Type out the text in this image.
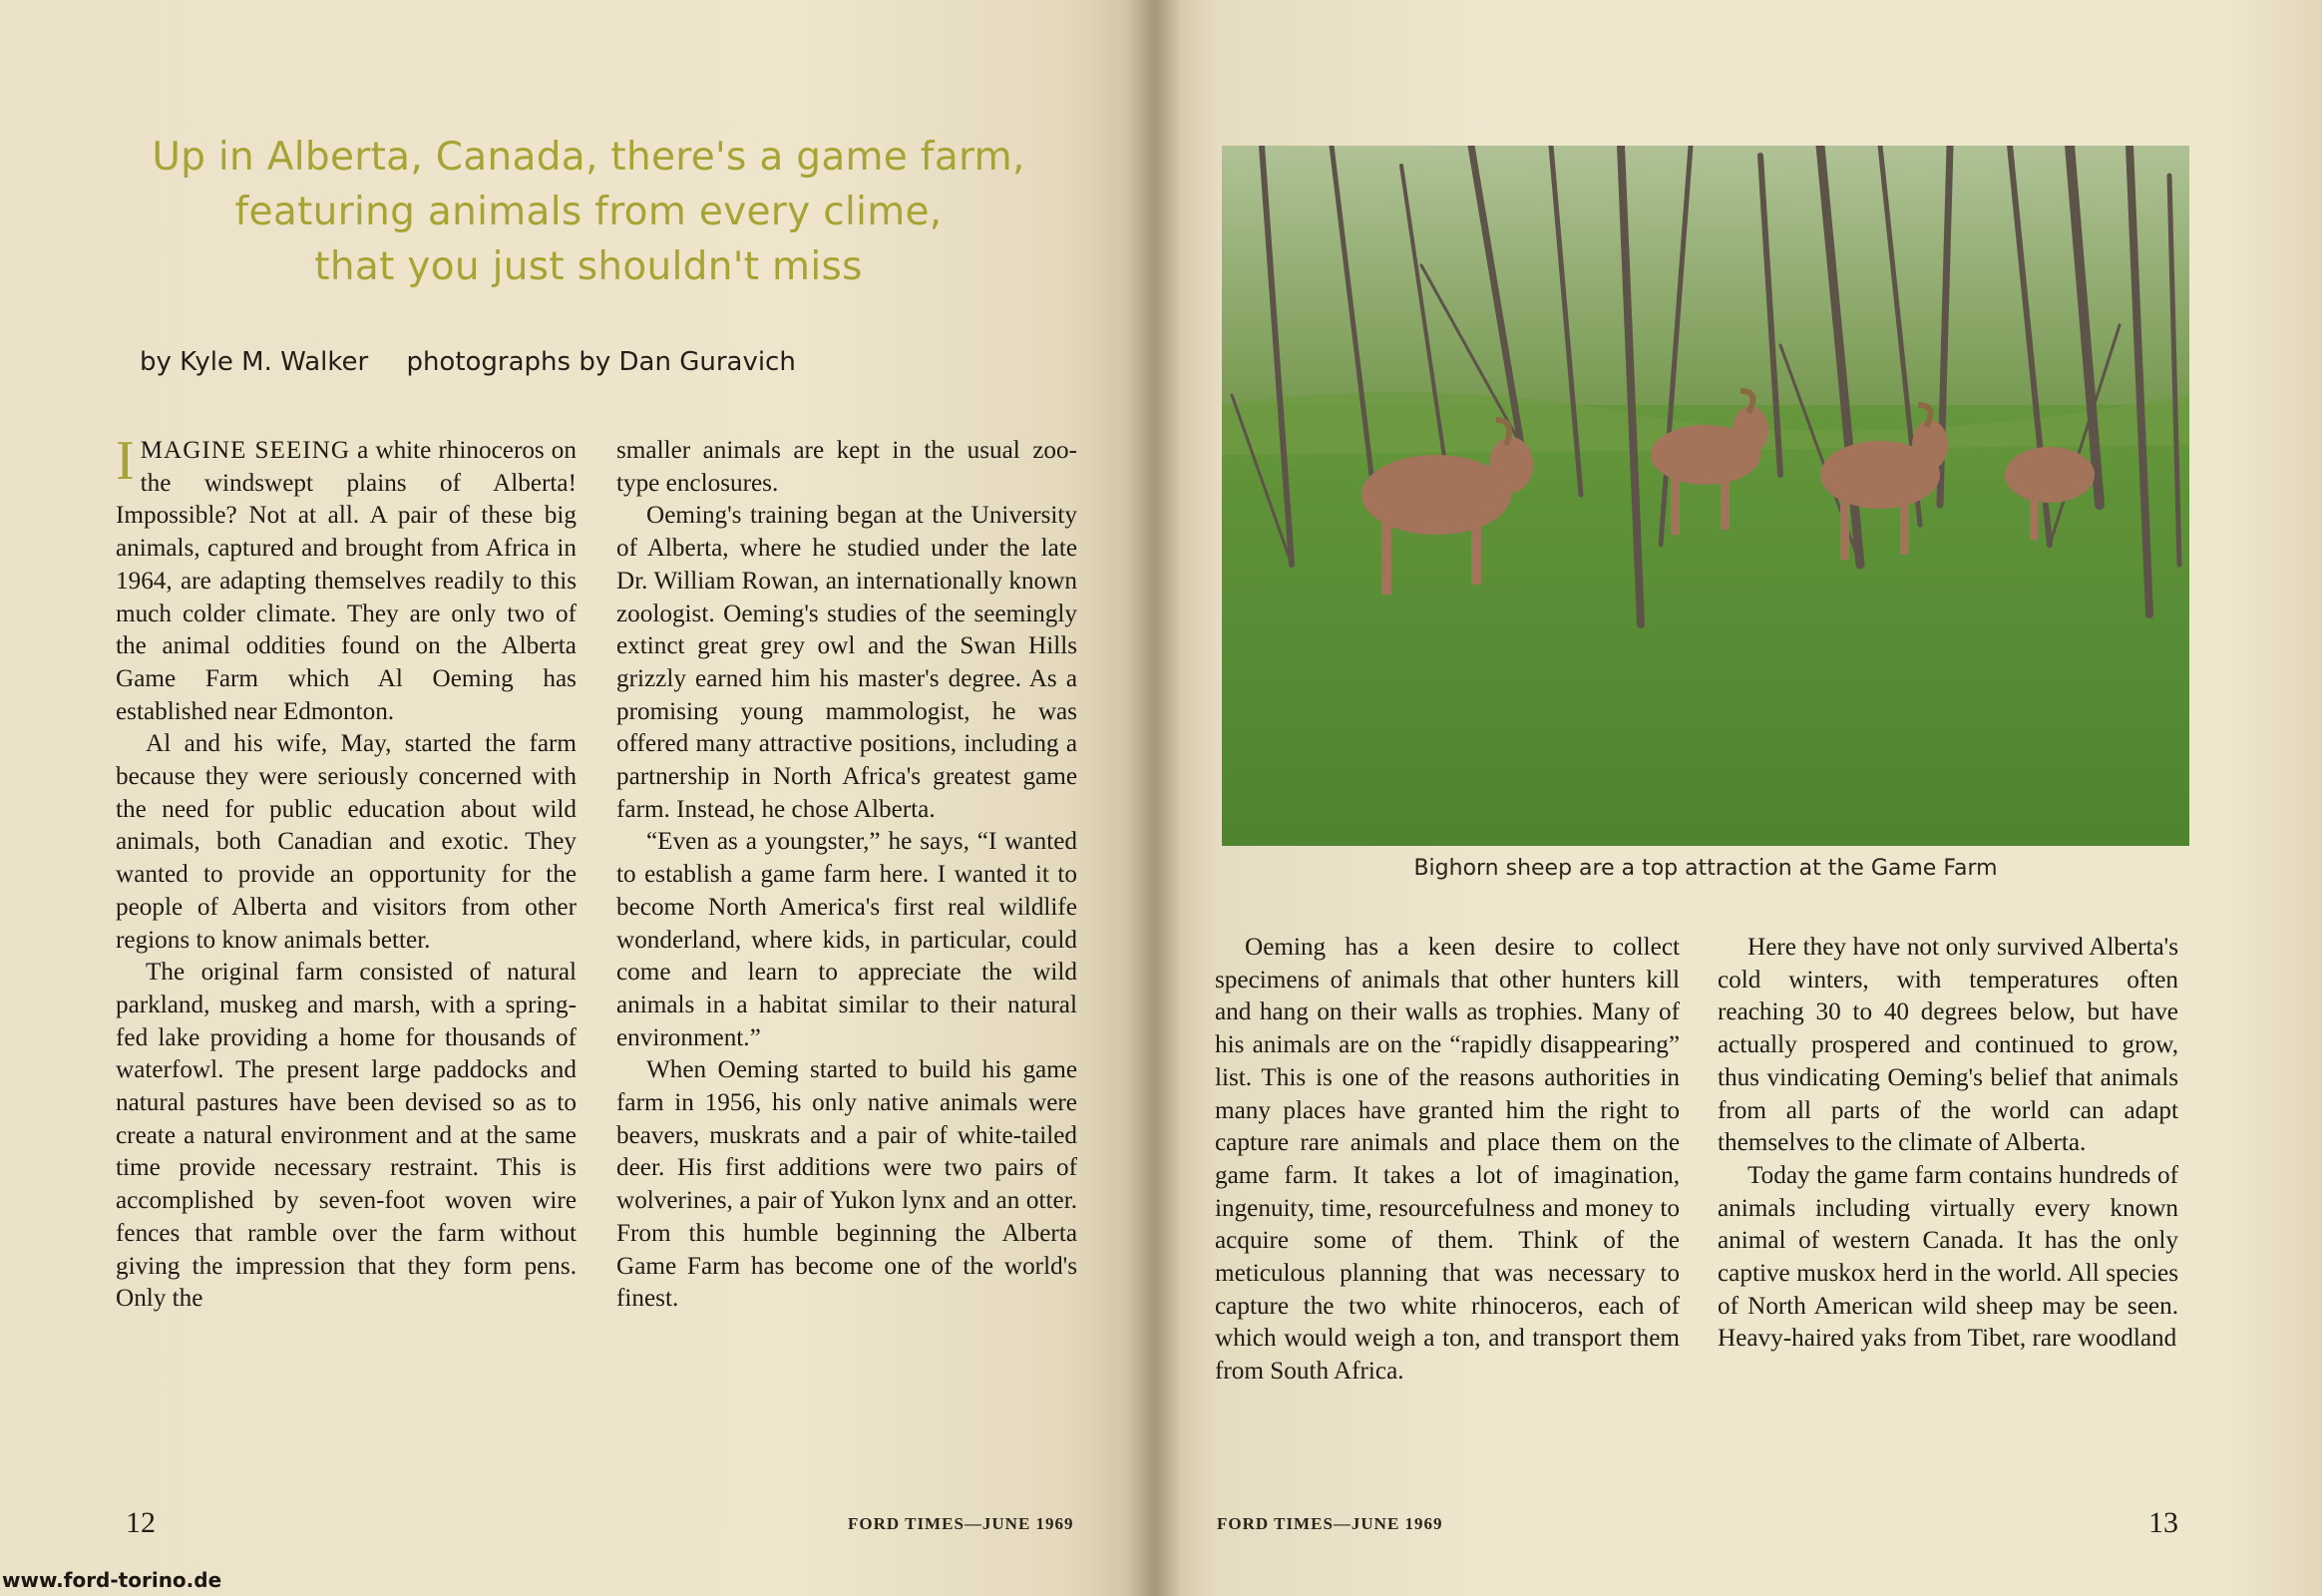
Up in Alberta, Canada, there's a game farm,
featuring animals from every clime,
that you just shouldn't miss
by Kyle M. Walker photographs by Dan Guravich

IMAGINE SEEING a white rhinoceros on the windswept plains of Alberta! Impossible? Not at all. A pair of these big animals, captured and brought from Africa in 1964, are adapting themselves readily to this much colder climate. They are only two of the animal oddities found on the Alberta Game Farm which Al Oeming has established near Edmonton.

Al and his wife, May, started the farm because they were seriously concerned with the need for public education about wild animals, both Canadian and exotic. They wanted to provide an opportunity for the people of Alberta and visitors from other regions to know animals better.

The original farm consisted of natural parkland, muskeg and marsh, with a spring-fed lake providing a home for thousands of waterfowl. The present large paddocks and natural pastures have been devised so as to create a natural environment and at the same time provide necessary restraint. This is accomplished by seven-foot woven wire fences that ramble over the farm without giving the impression that they form pens. Only the

smaller animals are kept in the usual zoo-type enclosures.

Oeming's training began at the University of Alberta, where he studied under the late Dr. William Rowan, an internationally known zoologist. Oeming's studies of the seemingly extinct great grey owl and the Swan Hills grizzly earned him his master's degree. As a promising young mammologist, he was offered many attractive positions, including a partnership in North Africa's greatest game farm. Instead, he chose Alberta.

“Even as a youngster,” he says, “I wanted to establish a game farm here. I wanted it to become North America's first real wildlife wonderland, where kids, in particular, could come and learn to appreciate the wild animals in a habitat similar to their natural environment.”

When Oeming started to build his game farm in 1956, his only native animals were beavers, muskrats and a pair of white-tailed deer. His first additions were two pairs of wolverines, a pair of Yukon lynx and an otter. From this humble beginning the Alberta Game Farm has become one of the world's finest.

12	FORD TIMES—JUNE 1969
www.ford-torino.de
Bighorn sheep are a top attraction at the Game Farm

Oeming has a keen desire to collect specimens of animals that other hunters kill and hang on their walls as trophies. Many of his animals are on the “rapidly disappearing” list. This is one of the reasons authorities in many places have granted him the right to capture rare animals and place them on the game farm. It takes a lot of imagination, ingenuity, time, resourcefulness and money to acquire some of them. Think of the meticulous planning that was necessary to capture the two white rhinoceros, each of which would weigh a ton, and transport them from South Africa.

Here they have not only survived Alberta's cold winters, with temperatures often reaching 30 to 40 degrees below, but have actually prospered and continued to grow, thus vindicating Oeming's belief that animals from all parts of the world can adapt themselves to the climate of Alberta.

Today the game farm contains hundreds of animals including virtually every known animal of western Canada. It has the only captive muskox herd in the world. All species of North American wild sheep may be seen. Heavy-haired yaks from Tibet, rare woodland

FORD TIMES—JUNE 1969	13
